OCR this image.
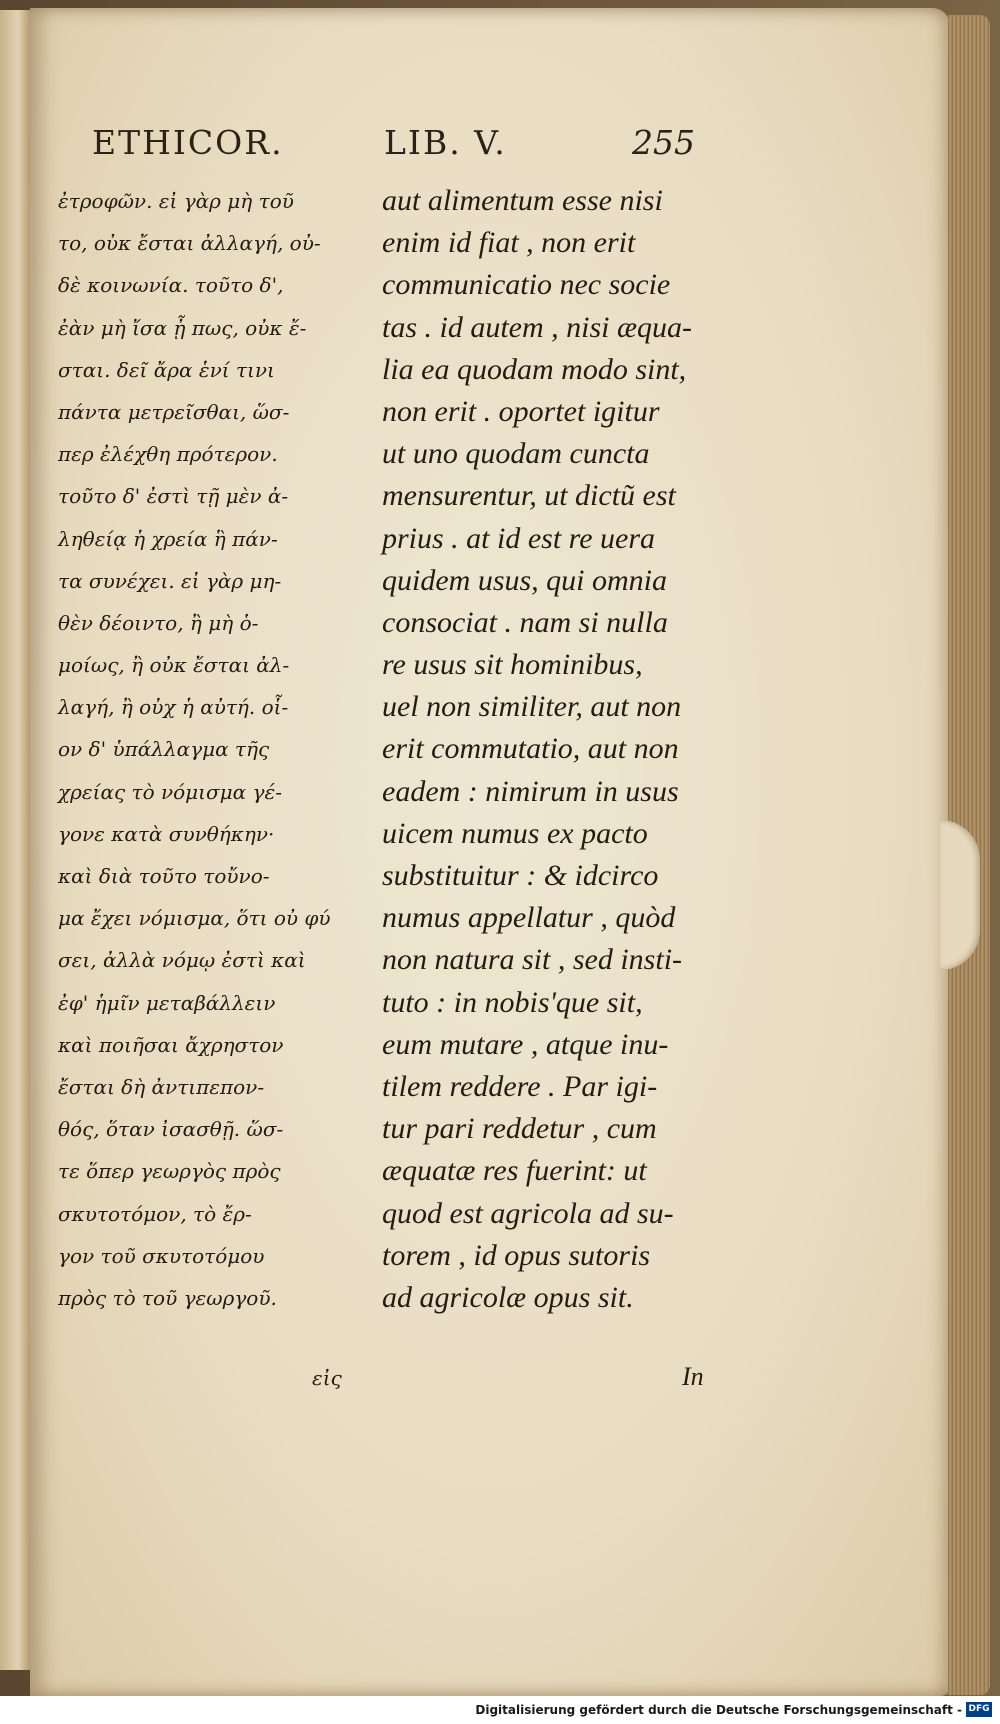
ETHICOR.	LIB. V.	255
ἐτροφῶν. εἰ γὰρ μὴ τοῦ
το, οὐκ ἔσται ἀλλαγή, οὐ-
δὲ κοινωνία. τοῦτο δ',
ἐὰν μὴ ἴσα ᾖ πως, οὐκ ἔ-
σται. δεῖ ἄρα ἑνί τινι
πάντα μετρεῖσθαι, ὥσ-
περ ἐλέχθη πρότερον.
τοῦτο δ' ἐστὶ τῇ μὲν ἀ-
ληθείᾳ ἡ χρεία ἣ πάν-
τα συνέχει. εἰ γὰρ μη-
θὲν δέοιντο, ἢ μὴ ὁ-
μοίως, ἢ οὐκ ἔσται ἀλ-
λαγή, ἢ οὐχ ἡ αὐτή. οἷ-
ον δ' ὑπάλλαγμα τῆς
χρείας τὸ νόμισμα γέ-
γονε κατὰ συνθήκην·
καὶ διὰ τοῦτο τοὔνο-
μα ἔχει νόμισμα, ὅτι οὐ φύ
σει, ἀλλὰ νόμῳ ἐστὶ καὶ
ἐφ' ἡμῖν μεταβάλλειν
καὶ ποιῆσαι ἄχρηστον
ἔσται δὴ ἀντιπεπον-
θός, ὅταν ἰσασθῇ. ὥσ-
τε ὅπερ γεωργὸς πρὸς
σκυτοτόμον, τὸ ἔρ-
γον τοῦ σκυτοτόμου
πρὸς τὸ τοῦ γεωργοῦ.
aut alimentum esse nisi
enim id fiat , non erit
communicatio nec socie
tas . id autem , nisi æqua-
lia ea quodam modo sint,
non erit . oportet igitur
ut uno quodam cuncta
mensurentur, ut dictũ est
prius . at id est re uera
quidem usus, qui omnia
consociat . nam si nulla
re usus sit hominibus,
uel non similiter, aut non
erit commutatio, aut non
eadem : nimirum in usus
uicem numus ex pacto
substituitur : & idcirco
numus appellatur , quòd
non natura sit , sed insti-
tuto : in nobis'que sit,
eum mutare , atque inu-
tilem reddere . Par igi-
tur pari reddetur , cum
æquatæ res fuerint: ut
quod est agricola ad su-
torem , id opus sutoris
ad agricolæ opus sit.
εἰς	In
Digitalisierung gefördert durch die Deutsche Forschungsgemeinschaft - DFG
